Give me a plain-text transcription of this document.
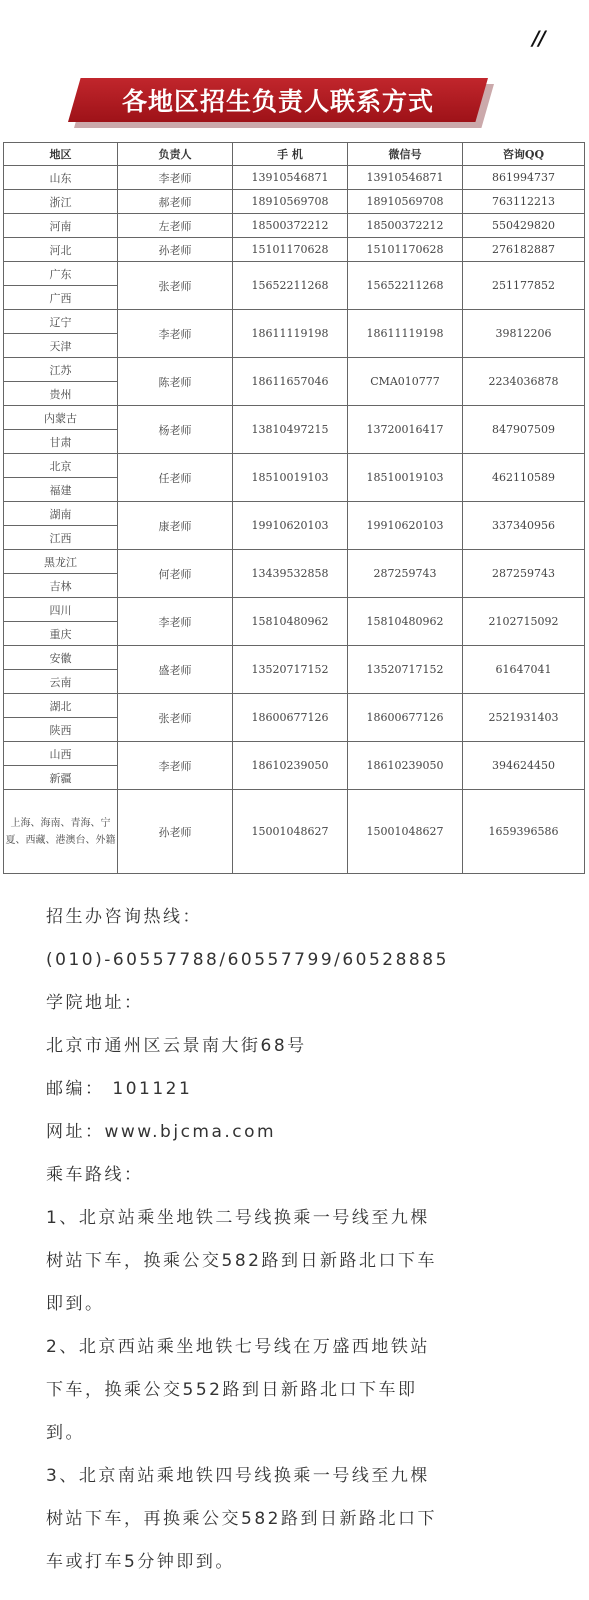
//
各地区招生负责人联系方式
地区	负责人	手 机	微信号	咨询QQ
山东	李老师	13910546871	13910546871	861994737
浙江	郝老师	18910569708	18910569708	763112213
河南	左老师	18500372212	18500372212	550429820
河北	孙老师	15101170628	15101170628	276182887
广东	张老师	15652211268	15652211268	251177852
广西				
辽宁	李老师	18611119198	18611119198	39812206
天津				
江苏	陈老师	18611657046	CMA010777	2234036878
贵州				
内蒙古	杨老师	13810497215	13720016417	847907509
甘肃				
北京	任老师	18510019103	18510019103	462110589
福建				
湖南	康老师	19910620103	19910620103	337340956
江西				
黑龙江	何老师	13439532858	287259743	287259743
吉林				
四川	李老师	15810480962	15810480962	2102715092
重庆				
安徽	盛老师	13520717152	13520717152	61647041
云南				
湖北	张老师	18600677126	18600677126	2521931403
陕西				
山西	李老师	18610239050	18610239050	394624450
新疆				
上海、海南、青海、宁夏、西藏、港澳台、外籍	孙老师	15001048627	15001048627	1659396586

招生办咨询热线：

(010)-60557788/60557799/60528885

学院地址：

北京市通州区云景南大街68号

邮编： 101121

网址：www.bjcma.com

乘车路线：

1、北京站乘坐地铁二号线换乘一号线至九棵

树站下车，换乘公交582路到日新路北口下车

即到。

2、北京西站乘坐地铁七号线在万盛西地铁站

下车，换乘公交552路到日新路北口下车即

到。

3、北京南站乘地铁四号线换乘一号线至九棵

树站下车，再换乘公交582路到日新路北口下

车或打车5分钟即到。
